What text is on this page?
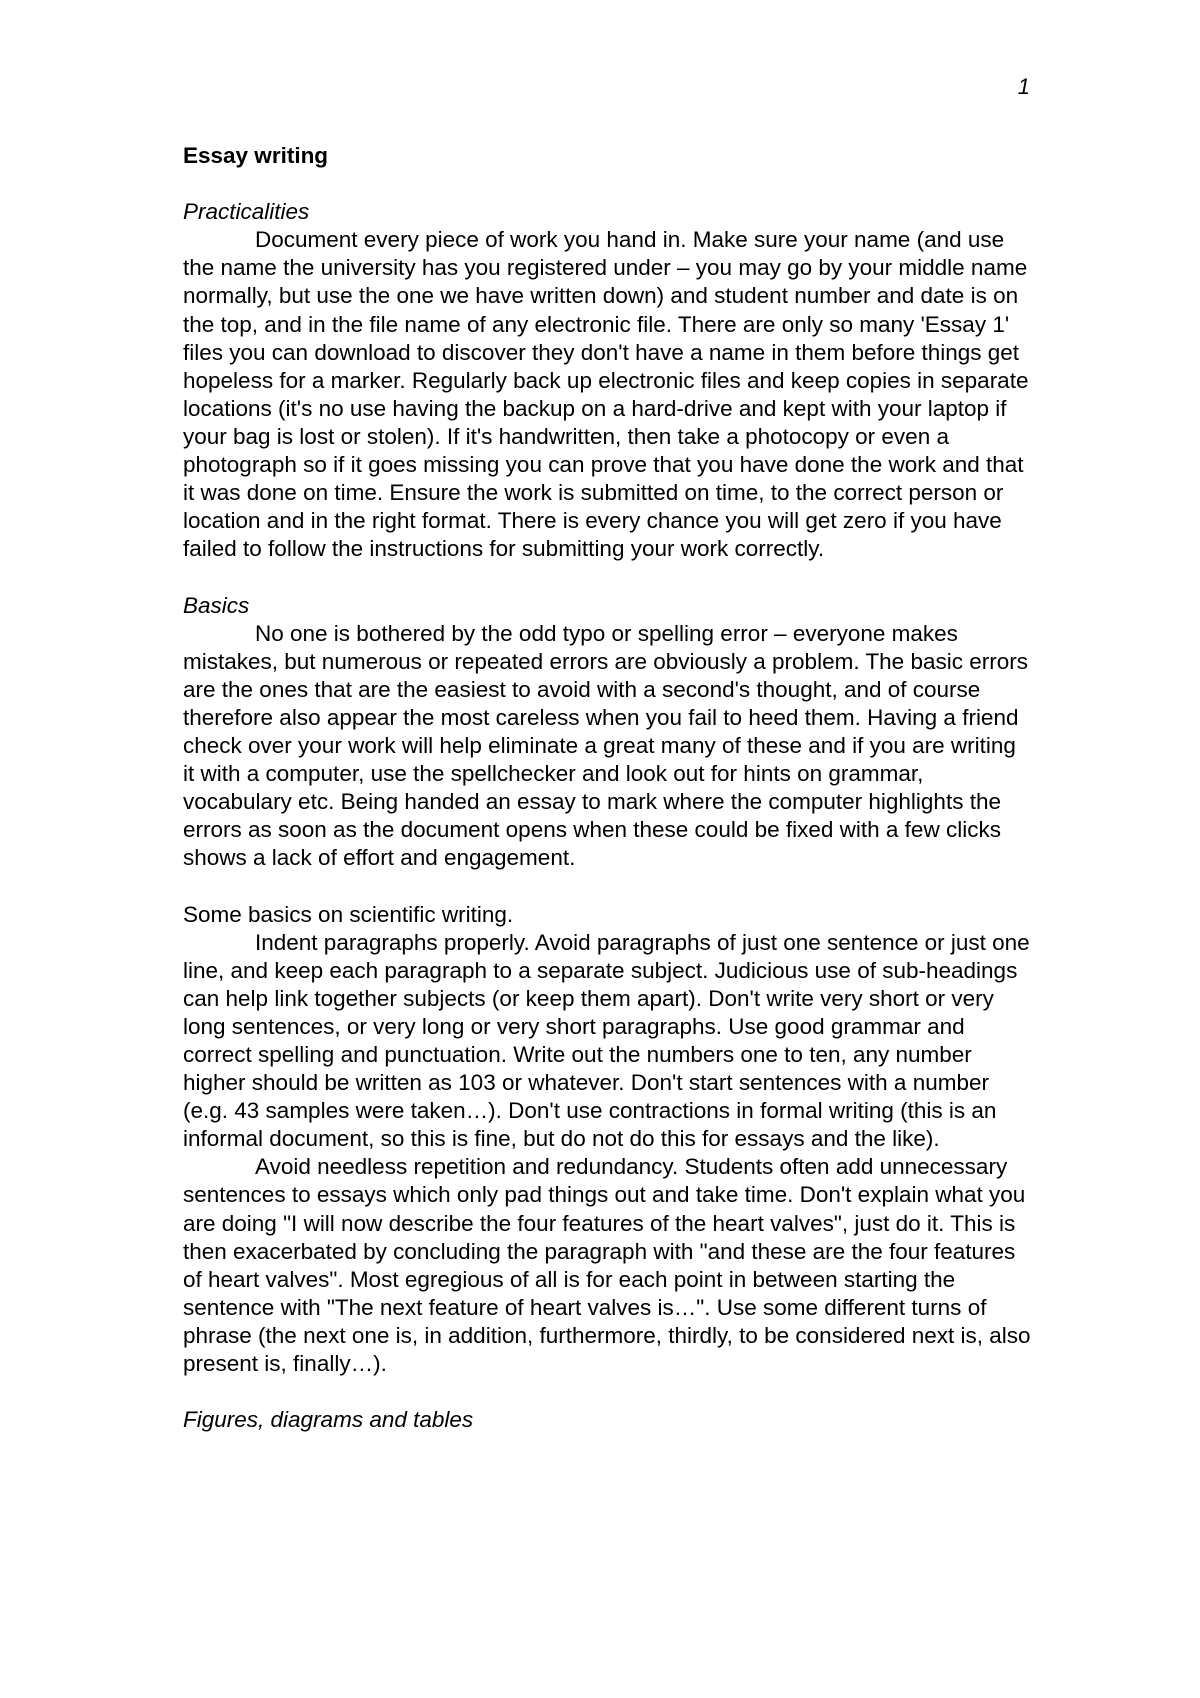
1

Essay writing

Practicalities

Document every piece of work you hand in. Make sure your name (and use the name the university has you registered under – you may go by your middle name normally, but use the one we have written down) and student number and date is on the top, and in the file name of any electronic file. There are only so many 'Essay 1' files you can download to discover they don't have a name in them before things get hopeless for a marker. Regularly back up electronic files and keep copies in separate locations (it's no use having the backup on a hard-drive and kept with your laptop if your bag is lost or stolen). If it's handwritten, then take a photocopy or even a photograph so if it goes missing you can prove that you have done the work and that it was done on time. Ensure the work is submitted on time, to the correct person or location and in the right format. There is every chance you will get zero if you have failed to follow the instructions for submitting your work correctly.

Basics

No one is bothered by the odd typo or spelling error – everyone makes mistakes, but numerous or repeated errors are obviously a problem. The basic errors are the ones that are the easiest to avoid with a second's thought, and of course therefore also appear the most careless when you fail to heed them. Having a friend check over your work will help eliminate a great many of these and if you are writing it with a computer, use the spellchecker and look out for hints on grammar, vocabulary etc. Being handed an essay to mark where the computer highlights the errors as soon as the document opens when these could be fixed with a few clicks shows a lack of effort and engagement.

Some basics on scientific writing.

Indent paragraphs properly. Avoid paragraphs of just one sentence or just one line, and keep each paragraph to a separate subject. Judicious use of sub-headings can help link together subjects (or keep them apart). Don't write very short or very long sentences, or very long or very short paragraphs. Use good grammar and correct spelling and punctuation. Write out the numbers one to ten, any number higher should be written as 103 or whatever. Don't start sentences with a number (e.g. 43 samples were taken…). Don't use contractions in formal writing (this is an informal document, so this is fine, but do not do this for essays and the like).

Avoid needless repetition and redundancy. Students often add unnecessary sentences to essays which only pad things out and take time. Don't explain what you are doing "I will now describe the four features of the heart valves", just do it. This is then exacerbated by concluding the paragraph with "and these are the four features of heart valves". Most egregious of all is for each point in between starting the sentence with "The next feature of heart valves is…". Use some different turns of phrase (the next one is, in addition, furthermore, thirdly, to be considered next is, also present is, finally…).

Figures, diagrams and tables
